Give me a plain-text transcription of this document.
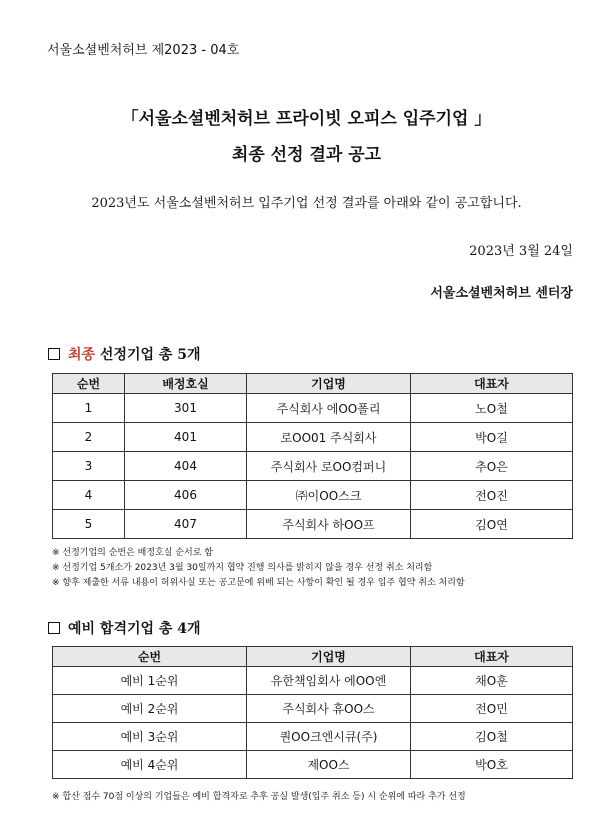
서울소셜벤처허브 제2023 - 04호
「서울소셜벤처허브 프라이빗 오피스 입주기업 」
최종 선정 결과 공고
2023년도 서울소셜벤처허브 입주기업 선정 결과를 아래와 같이 공고합니다.
2023년 3월 24일
서울소셜벤처허브 센터장
최종 선정기업 총 5개
순번	배정호실	기업명	대표자
1	301	주식회사 에OO폴리	노O철
2	401	로OO01 주식회사	박O길
3	404	주식회사 로OO컴퍼니	추O은
4	406	㈜이OO스크	전O진
5	407	주식회사 하OO프	김O연
※ 선정기업의 순번은 배정호실 순서로 함
※ 선정기업 5개소가 2023년 3월 30일까지 협약 진행 의사를 밝히지 않을 경우 선정 취소 처리함
※ 향후 제출한 서류 내용이 허위사실 또는 공고문에 위배 되는 사항이 확인 될 경우 입주 협약 취소 처리함
예비 합격기업 총 4개
순번	기업명	대표자
예비 1순위	유한책임회사 에OO엔	채O훈
예비 2순위	주식회사 휴OO스	전O민
예비 3순위	퀀OO크엔시큐(주)	김O철
예비 4순위	제OO스	박O호
※ 합산 점수 70점 이상의 기업들은 예비 합격자로 추후 공실 발생(입주 취소 등) 시 순위에 따라 추가 선정
